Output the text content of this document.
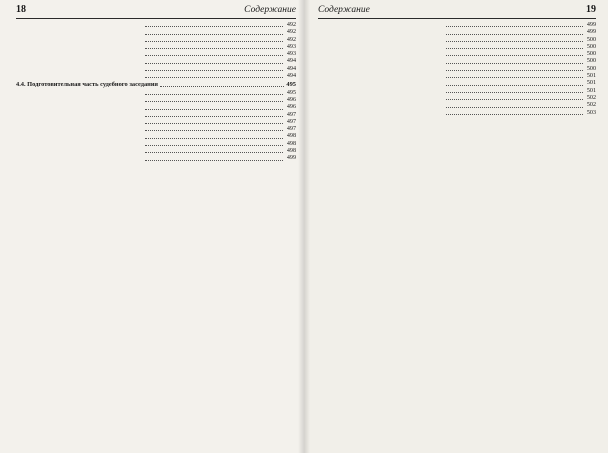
18	Содержание
492
492
492
493
493
494
494
494
4.4. Подготовительная часть судебного заседания	495
495
496
496
497
497
497
498
498
498
499
Содержание	19
499
499
500
500
500
500
500
501
501
501
502
502
503
